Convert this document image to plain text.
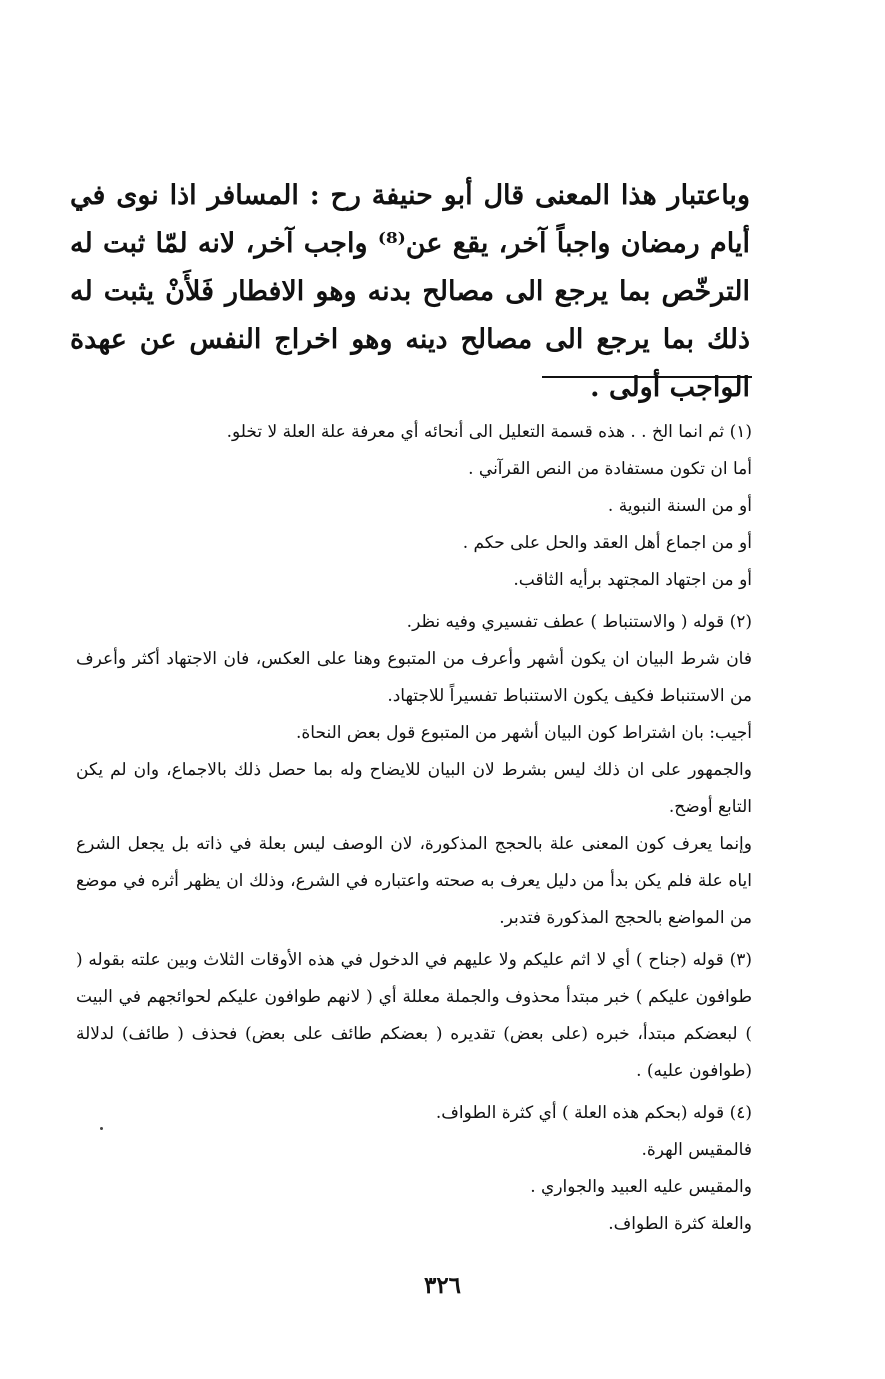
وباعتبار هذا المعنى قال أبو حنيفة رح : المسافر اذا نوى في أيام رمضان واجباً آخر، يقع عن⁽⁸⁾ واجب آخر، لانه لمّا ثبت له الترخّص بما يرجع الى مصالح بدنه وهو الافطار فَلأَنْ يثبت له ذلك بما يرجع الى مصالح دينه وهو اخراج النفس عن عهدة الواجب أولى .

(١) ثم انما الخ . . هذه قسمة التعليل الى أنحائه أي معرفة علة العلة لا تخلو.
أما ان تكون مستفادة من النص القرآني .
أو من السنة النبوية .
أو من اجماع أهل العقد والحل على حكم .
أو من اجتهاد المجتهد برأيه الثاقب.
(٢) قوله ( والاستنباط ) عطف تفسيري وفيه نظر.
فان شرط البيان ان يكون أشهر وأعرف من المتبوع وهنا على العكس، فان الاجتهاد أكثر وأعرف من الاستنباط فكيف يكون الاستنباط تفسيراً للاجتهاد.
أجيب: بان اشتراط كون البيان أشهر من المتبوع قول بعض النحاة.
والجمهور على ان ذلك ليس بشرط لان البيان للايضاح وله بما حصل ذلك بالاجماع، وان لم يكن التابع أوضح.
وإنما يعرف كون المعنى علة بالحجج المذكورة، لان الوصف ليس بعلة في ذاته بل يجعل الشرع اياه علة فلم يكن بدأ من دليل يعرف به صحته واعتباره في الشرع، وذلك ان يظهر أثره في موضع من المواضع بالحجج المذكورة فتدبر.
(٣) قوله (جناح ) أي لا اثم عليكم ولا عليهم في الدخول في هذه الأوقات الثلاث وبين علته بقوله ( طوافون عليكم ) خبر مبتدأ محذوف والجملة معللة أي ( لانهم طوافون عليكم لحوائجهم في البيت ) لبعضكم مبتدأ، خبره (على بعض) تقديره ( بعضكم طائف على بعض) فحذف ( طائف) لدلالة (طوافون عليه) .
(٤) قوله (بحكم هذه العلة ) أي كثرة الطواف.
فالمقيس الهرة.
والمقيس عليه العبيد والجواري .
والعلة كثرة الطواف.
٣٢٦
